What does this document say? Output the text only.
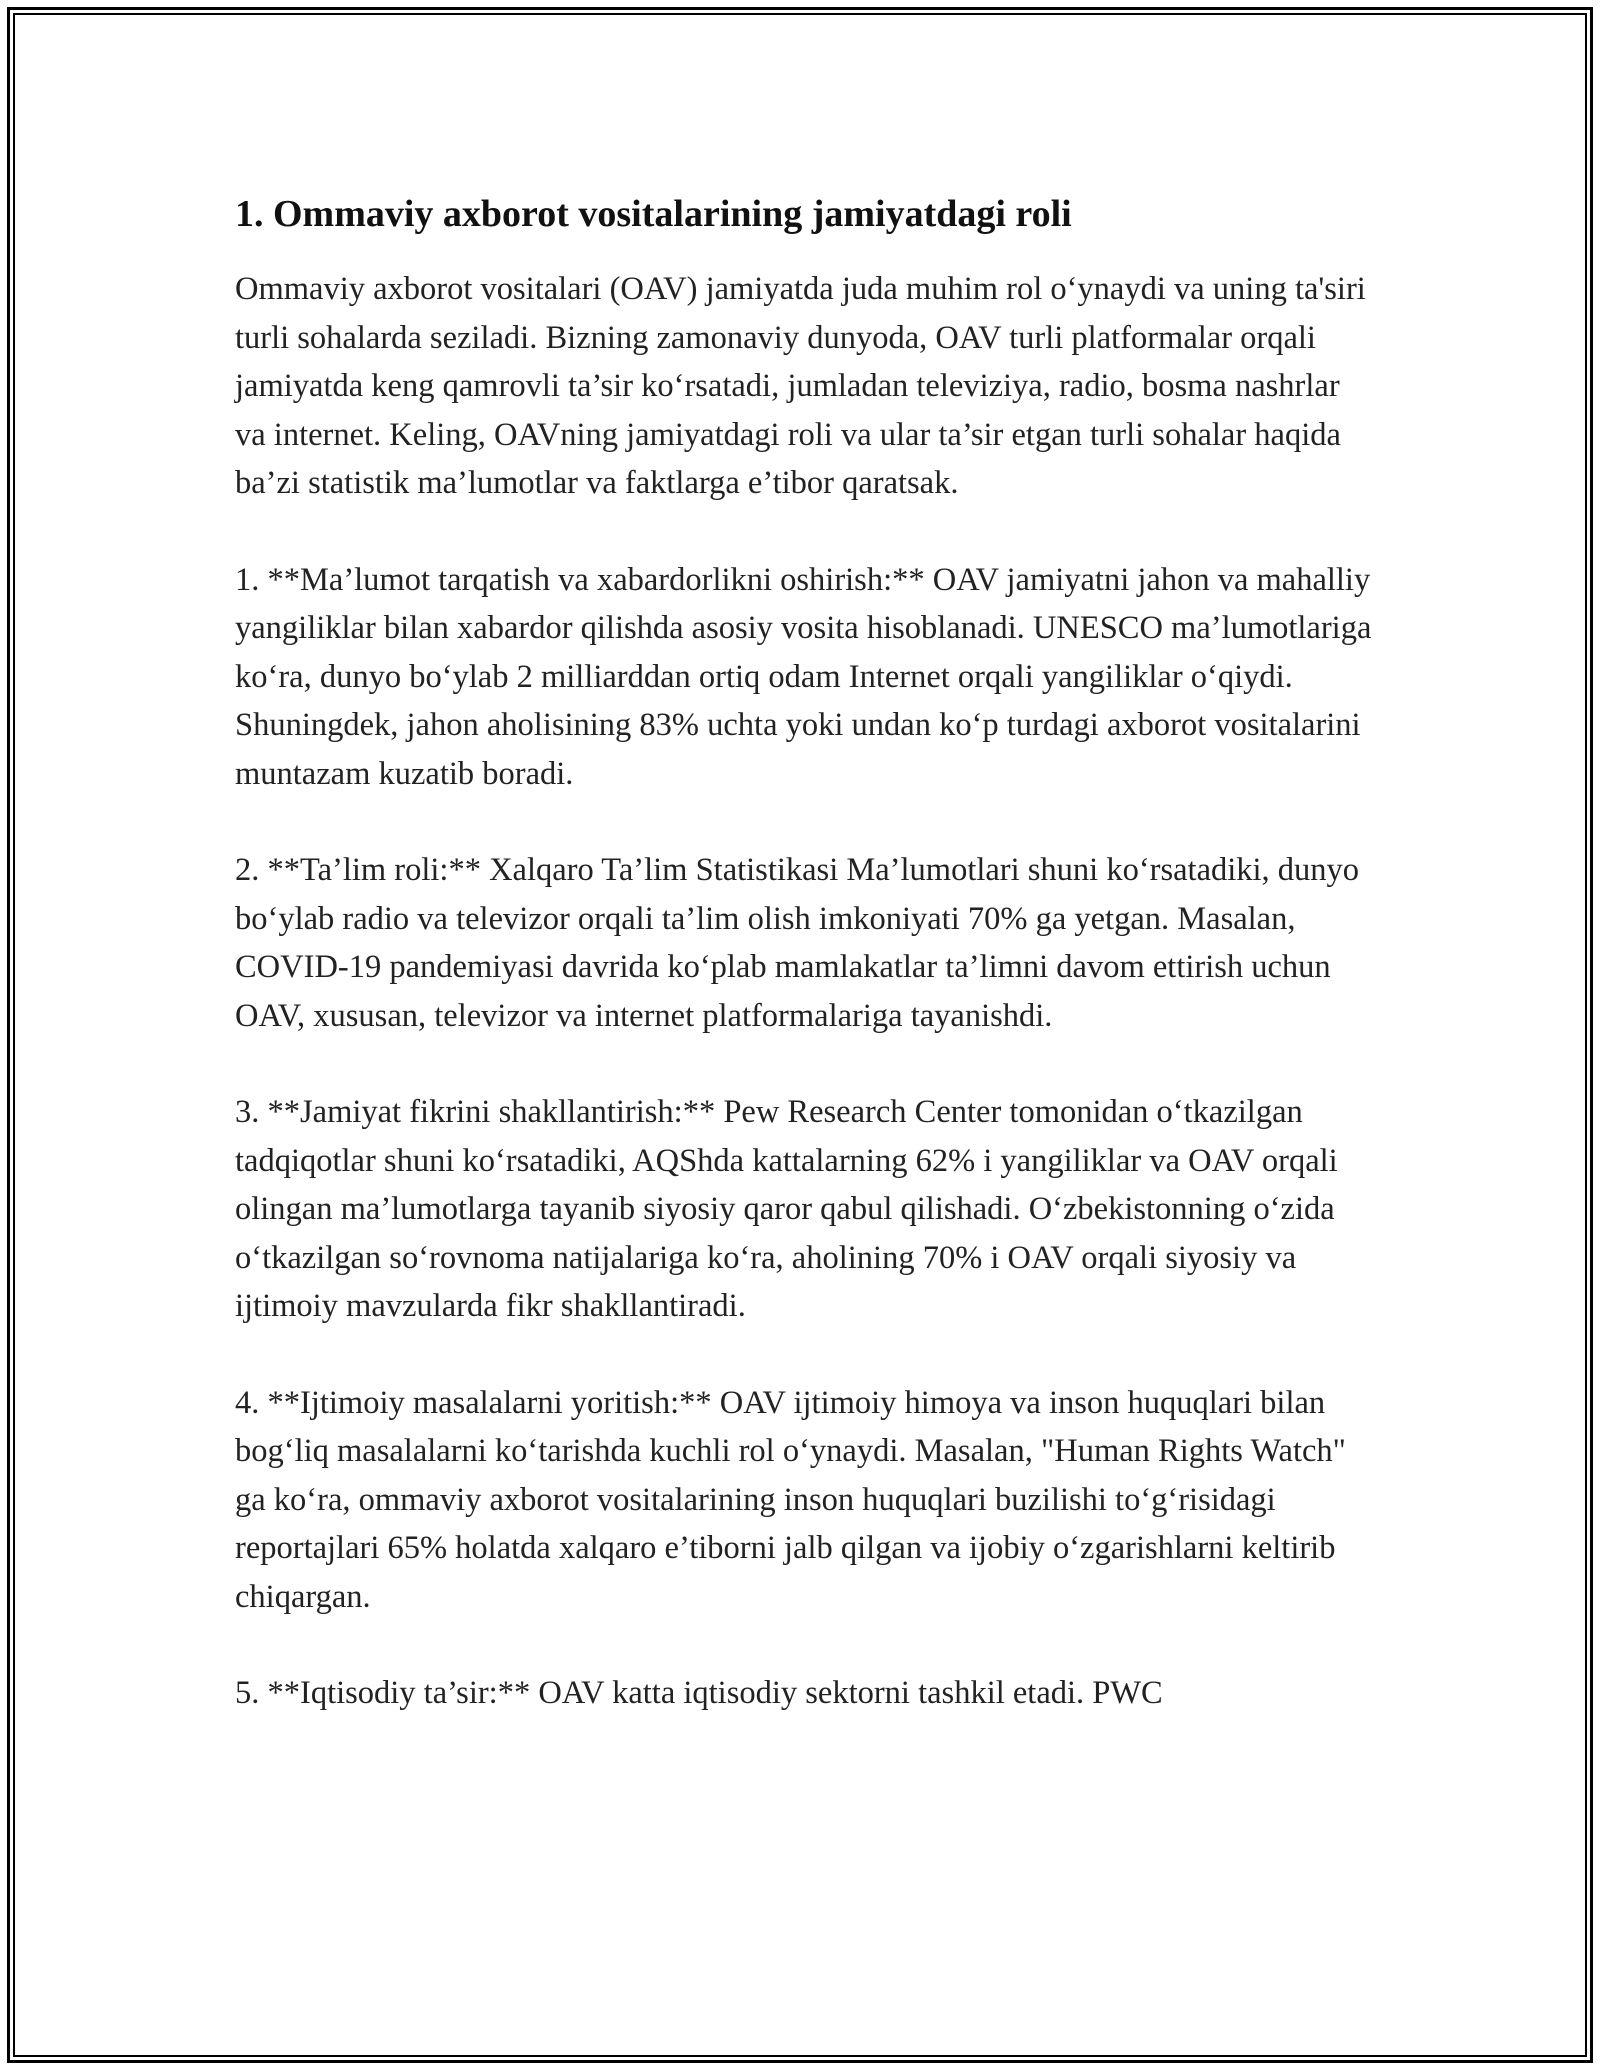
1. Ommaviy axborot vositalarining jamiyatdagi roli

Ommaviy axborot vositalari (OAV) jamiyatda juda muhim rol o‘ynaydi va uning ta'siri turli sohalarda seziladi. Bizning zamonaviy dunyoda, OAV turli platformalar orqali jamiyatda keng qamrovli ta’sir ko‘rsatadi, jumladan televiziya, radio, bosma nashrlar va internet. Keling, OAVning jamiyatdagi roli va ular ta’sir etgan turli sohalar haqida ba’zi statistik ma’lumotlar va faktlarga e’tibor qaratsak.

1. **Ma’lumot tarqatish va xabardorlikni oshirish:** OAV jamiyatni jahon va mahalliy yangiliklar bilan xabardor qilishda asosiy vosita hisoblanadi. UNESCO ma’lumotlariga ko‘ra, dunyo bo‘ylab 2 milliarddan ortiq odam Internet orqali yangiliklar o‘qiydi. Shuningdek, jahon aholisining 83% uchta yoki undan ko‘p turdagi axborot vositalarini muntazam kuzatib boradi.

2. **Ta’lim roli:** Xalqaro Ta’lim Statistikasi Ma’lumotlari shuni ko‘rsatadiki, dunyo bo‘ylab radio va televizor orqali ta’lim olish imkoniyati 70% ga yetgan. Masalan, COVID-19 pandemiyasi davrida ko‘plab mamlakatlar ta’limni davom ettirish uchun OAV, xususan, televizor va internet platformalariga tayanishdi.

3. **Jamiyat fikrini shakllantirish:** Pew Research Center tomonidan o‘tkazilgan tadqiqotlar shuni ko‘rsatadiki, AQShda kattalarning 62% i yangiliklar va OAV orqali olingan ma’lumotlarga tayanib siyosiy qaror qabul qilishadi. O‘zbekistonning o‘zida o‘tkazilgan so‘rovnoma natijalariga ko‘ra, aholining 70% i OAV orqali siyosiy va ijtimoiy mavzularda fikr shakllantiradi.

4. **Ijtimoiy masalalarni yoritish:** OAV ijtimoiy himoya va inson huquqlari bilan bog‘liq masalalarni ko‘tarishda kuchli rol o‘ynaydi. Masalan, "Human Rights Watch" ga ko‘ra, ommaviy axborot vositalarining inson huquqlari buzilishi to‘g‘risidagi reportajlari 65% holatda xalqaro e’tiborni jalb qilgan va ijobiy o‘zgarishlarni keltirib chiqargan.

5. **Iqtisodiy ta’sir:** OAV katta iqtisodiy sektorni tashkil etadi. PWC
